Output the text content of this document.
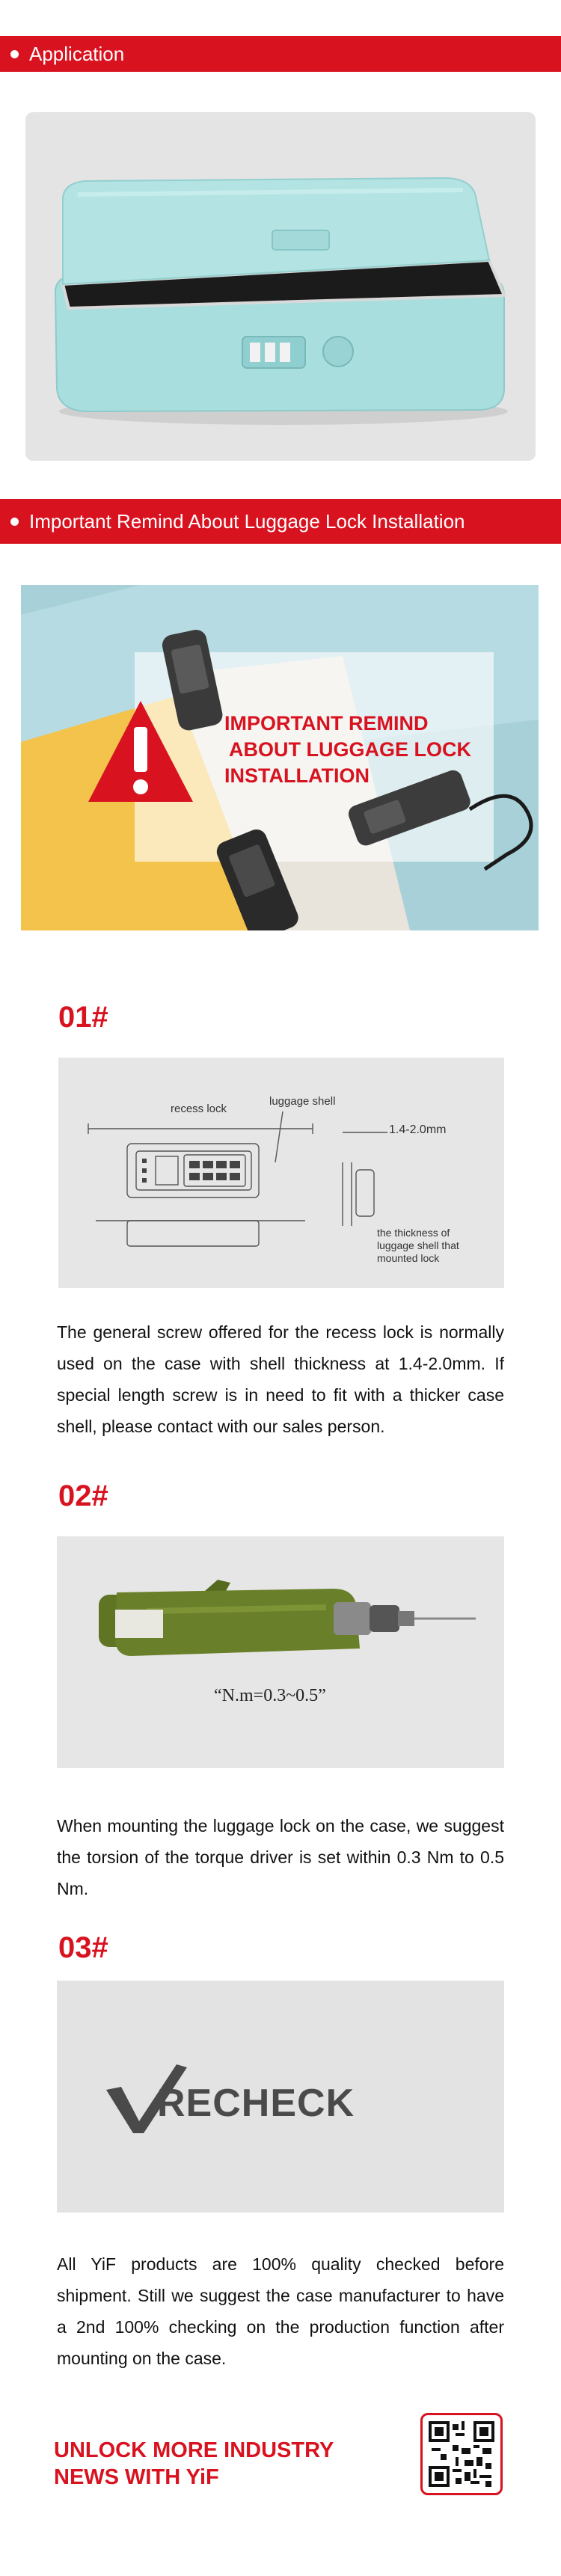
Application
Important Remind About Luggage Lock Installation
IMPORTANT REMIND
ABOUT LUGGAGE LOCK
INSTALLATION
01#
recess lock
luggage shell
1.4-2.0mm
the thickness of
luggage shell that
mounted lock
The general screw offered for the recess lock is normally used on the case with shell thickness at 1.4-2.0mm. If special length screw is in need to fit with a thicker case shell, please contact with our sales person.
02#
“N.m=0.3~0.5”
When mounting the luggage lock on the case, we suggest the torsion of the torque driver is set within 0.3 Nm to 0.5 Nm.
03#
RECHECK
All YiF products are 100% quality checked before shipment. Still we suggest the case manufacturer to have a 2nd 100% checking on the production function after mounting on the case.
UNLOCK MORE INDUSTRY
NEWS WITH YiF
